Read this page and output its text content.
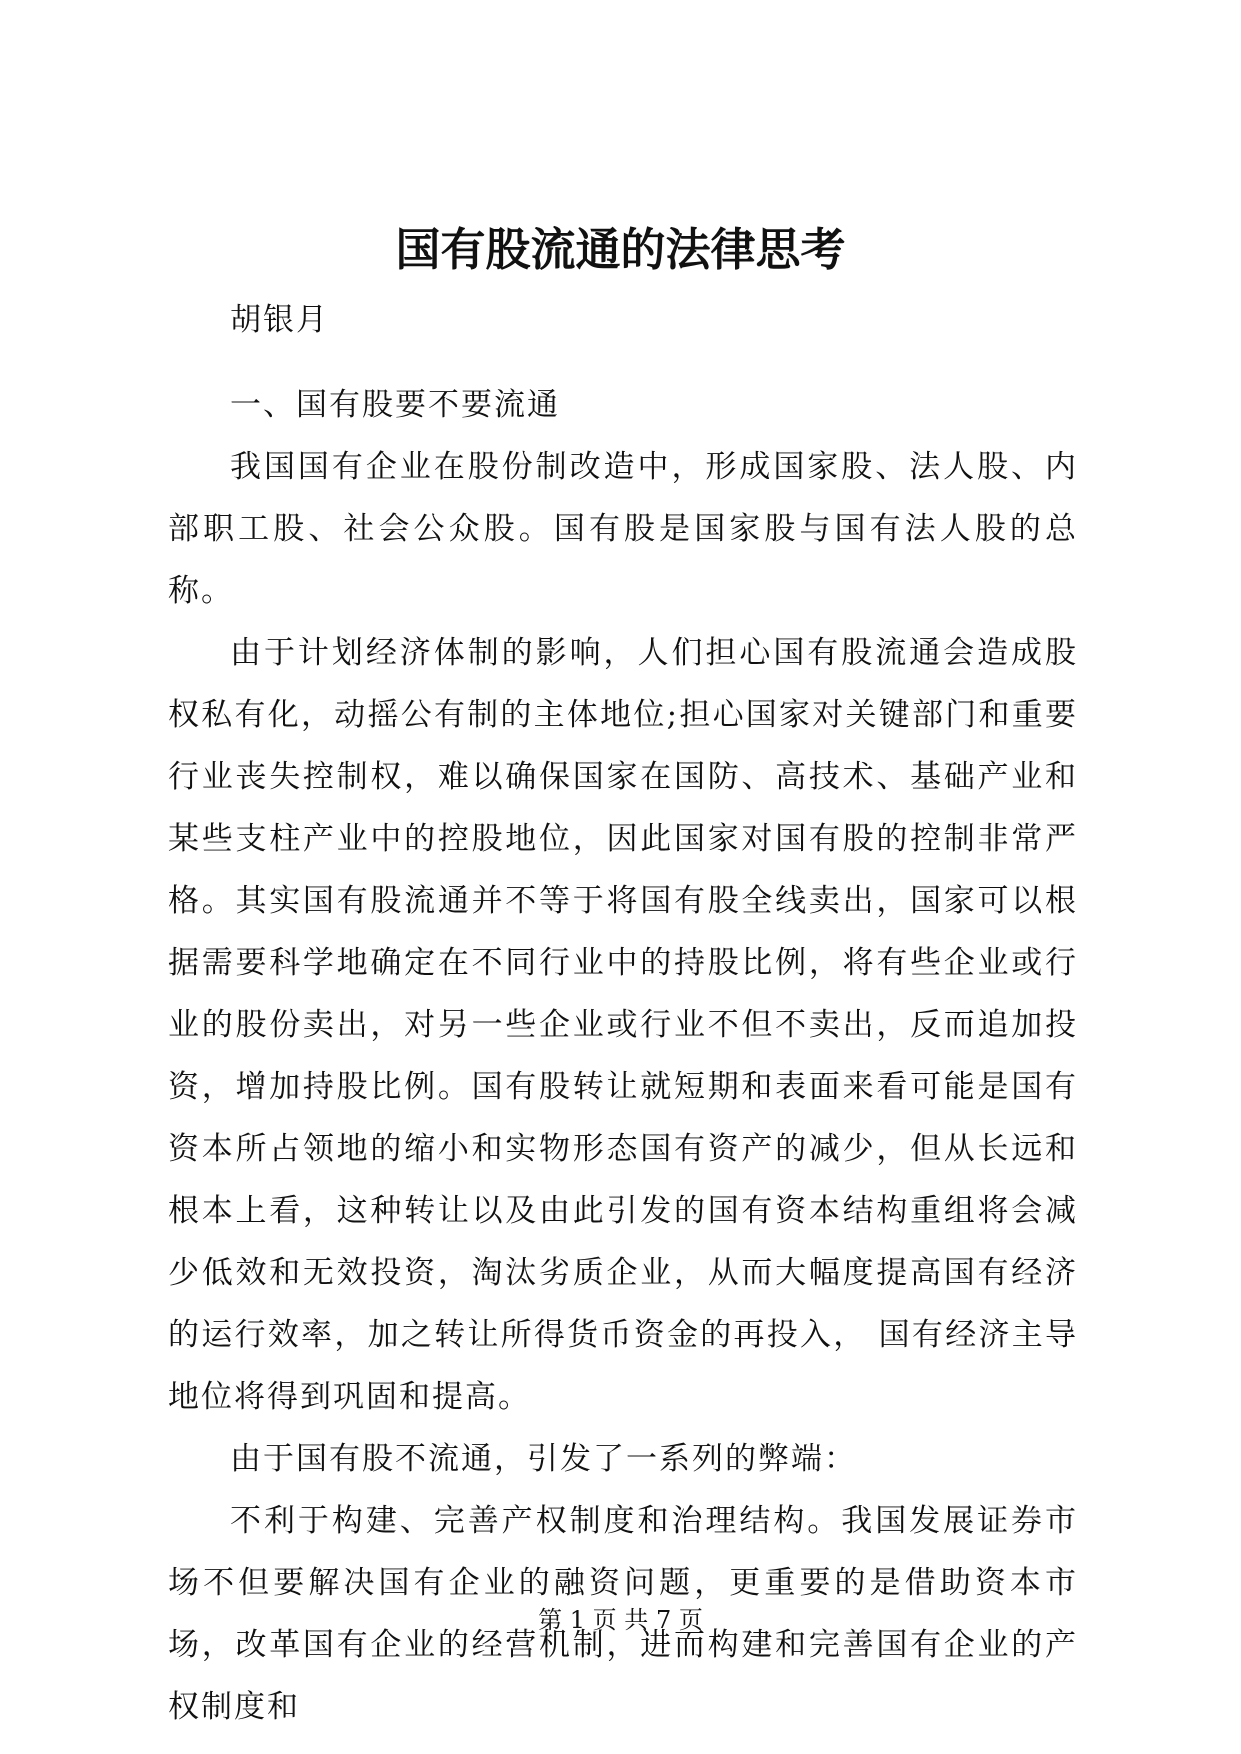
国有股流通的法律思考

胡银月

一、国有股要不要流通

我国国有企业在股份制改造中，形成国家股、法人股、内部职工股、社会公众股。国有股是国家股与国有法人股的总称。

由于计划经济体制的影响，人们担心国有股流通会造成股权私有化，动摇公有制的主体地位;担心国家对关键部门和重要行业丧失控制权，难以确保国家在国防、高技术、基础产业和某些支柱产业中的控股地位，因此国家对国有股的控制非常严格。其实国有股流通并不等于将国有股全线卖出，国家可以根据需要科学地确定在不同行业中的持股比例，将有些企业或行业的股份卖出，对另一些企业或行业不但不卖出，反而追加投资，增加持股比例。国有股转让就短期和表面来看可能是国有资本所占领地的缩小和实物形态国有资产的减少，但从长远和根本上看，这种转让以及由此引发的国有资本结构重组将会减少低效和无效投资，淘汰劣质企业，从而大幅度提高国有经济的运行效率，加之转让所得货币资金的再投入， 国有经济主导地位将得到巩固和提高。

由于国有股不流通，引发了一系列的弊端：

不利于构建、完善产权制度和治理结构。我国发展证券市场不但要解决国有企业的融资问题，更重要的是借助资本市场，改革国有企业的经营机制，进而构建和完善国有企业的产权制度和

第 1 页 共 7 页
